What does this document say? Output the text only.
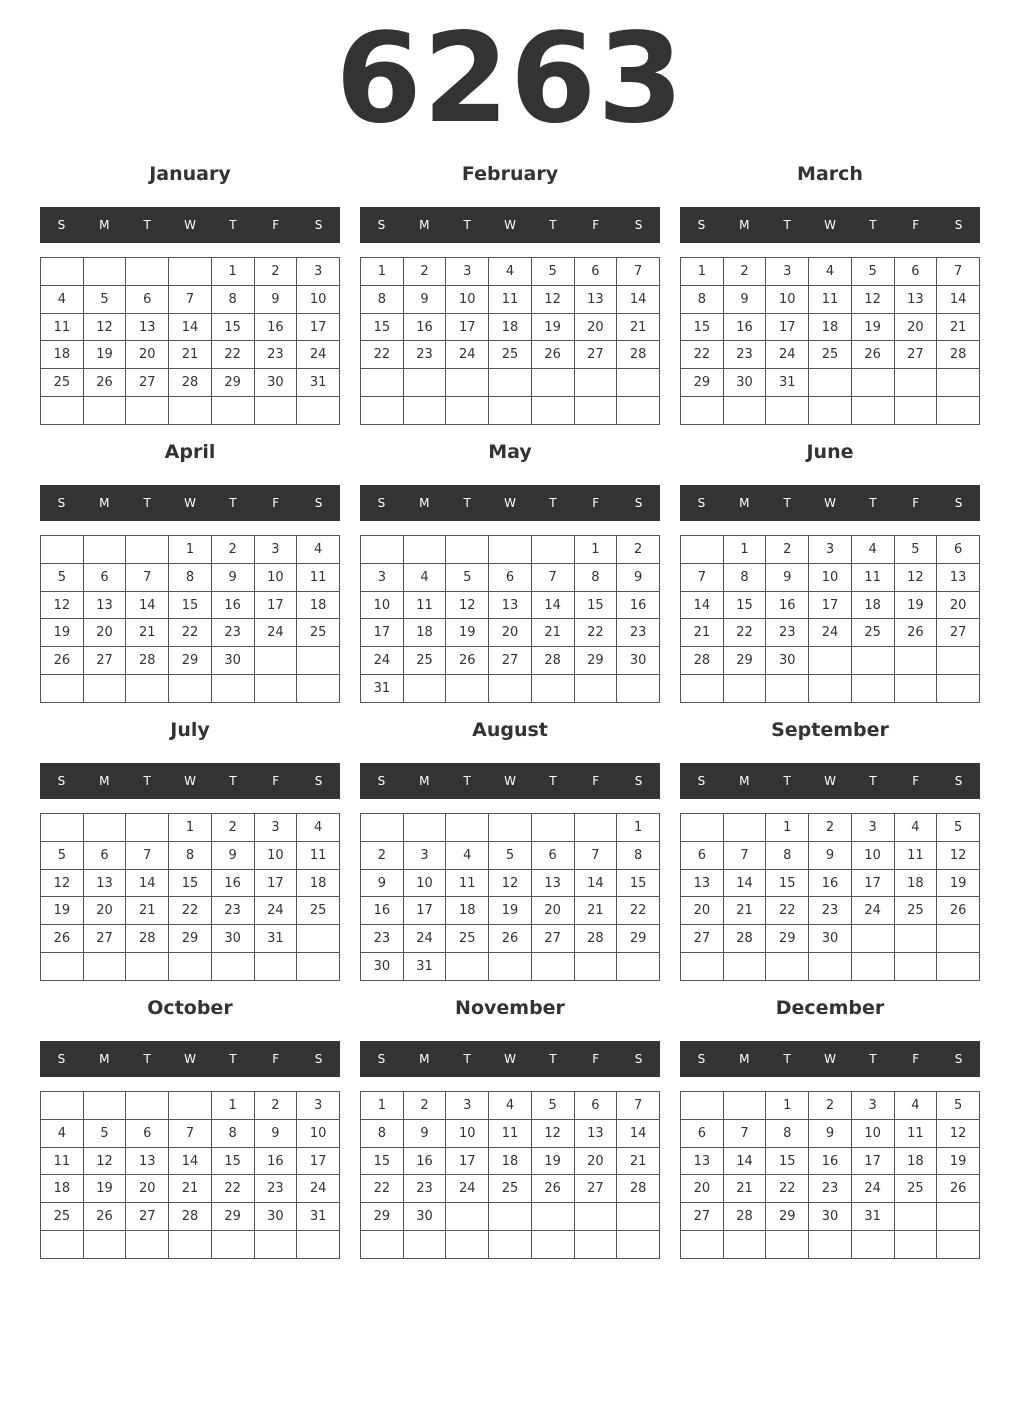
6263
January
S	M	T	W	T	F	S
				1	2	3
4	5	6	7	8	9	10
11	12	13	14	15	16	17
18	19	20	21	22	23	24
25	26	27	28	29	30	31

February
S	M	T	W	T	F	S
1	2	3	4	5	6	7
8	9	10	11	12	13	14
15	16	17	18	19	20	21
22	23	24	25	26	27	28

March
S	M	T	W	T	F	S
1	2	3	4	5	6	7
8	9	10	11	12	13	14
15	16	17	18	19	20	21
22	23	24	25	26	27	28
29	30	31				

April
S	M	T	W	T	F	S
			1	2	3	4
5	6	7	8	9	10	11
12	13	14	15	16	17	18
19	20	21	22	23	24	25
26	27	28	29	30		

May
S	M	T	W	T	F	S
					1	2
3	4	5	6	7	8	9
10	11	12	13	14	15	16
17	18	19	20	21	22	23
24	25	26	27	28	29	30
31						
June
S	M	T	W	T	F	S
	1	2	3	4	5	6
7	8	9	10	11	12	13
14	15	16	17	18	19	20
21	22	23	24	25	26	27
28	29	30				

July
S	M	T	W	T	F	S
			1	2	3	4
5	6	7	8	9	10	11
12	13	14	15	16	17	18
19	20	21	22	23	24	25
26	27	28	29	30	31	

August
S	M	T	W	T	F	S
						1
2	3	4	5	6	7	8
9	10	11	12	13	14	15
16	17	18	19	20	21	22
23	24	25	26	27	28	29
30	31					
September
S	M	T	W	T	F	S
		1	2	3	4	5
6	7	8	9	10	11	12
13	14	15	16	17	18	19
20	21	22	23	24	25	26
27	28	29	30			

October
S	M	T	W	T	F	S
				1	2	3
4	5	6	7	8	9	10
11	12	13	14	15	16	17
18	19	20	21	22	23	24
25	26	27	28	29	30	31

November
S	M	T	W	T	F	S
1	2	3	4	5	6	7
8	9	10	11	12	13	14
15	16	17	18	19	20	21
22	23	24	25	26	27	28
29	30					

December
S	M	T	W	T	F	S
		1	2	3	4	5
6	7	8	9	10	11	12
13	14	15	16	17	18	19
20	21	22	23	24	25	26
27	28	29	30	31		
